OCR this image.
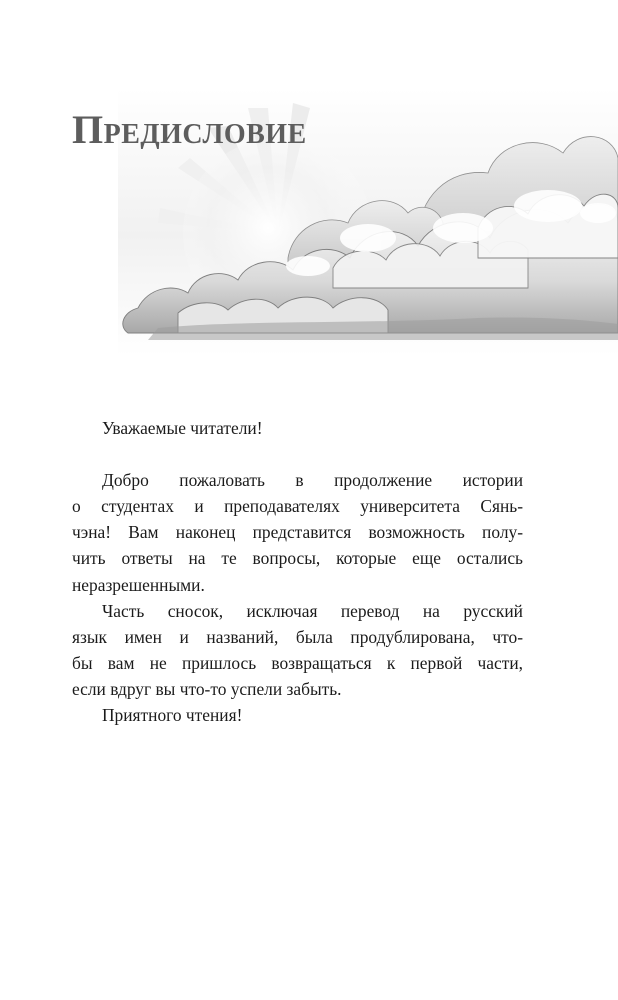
Предисловие
Уважаемые читатели!
Добро пожаловать в продолжение истории
о студентах и преподавателях университета Сянь-
чэна! Вам наконец представится возможность полу-
чить ответы на те вопросы, которые еще остались
неразрешенными.
Часть сносок, исключая перевод на русский
язык имен и названий, была продублирована, что-
бы вам не пришлось возвращаться к первой части,
если вдруг вы что-то успели забыть.
Приятного чтения!
